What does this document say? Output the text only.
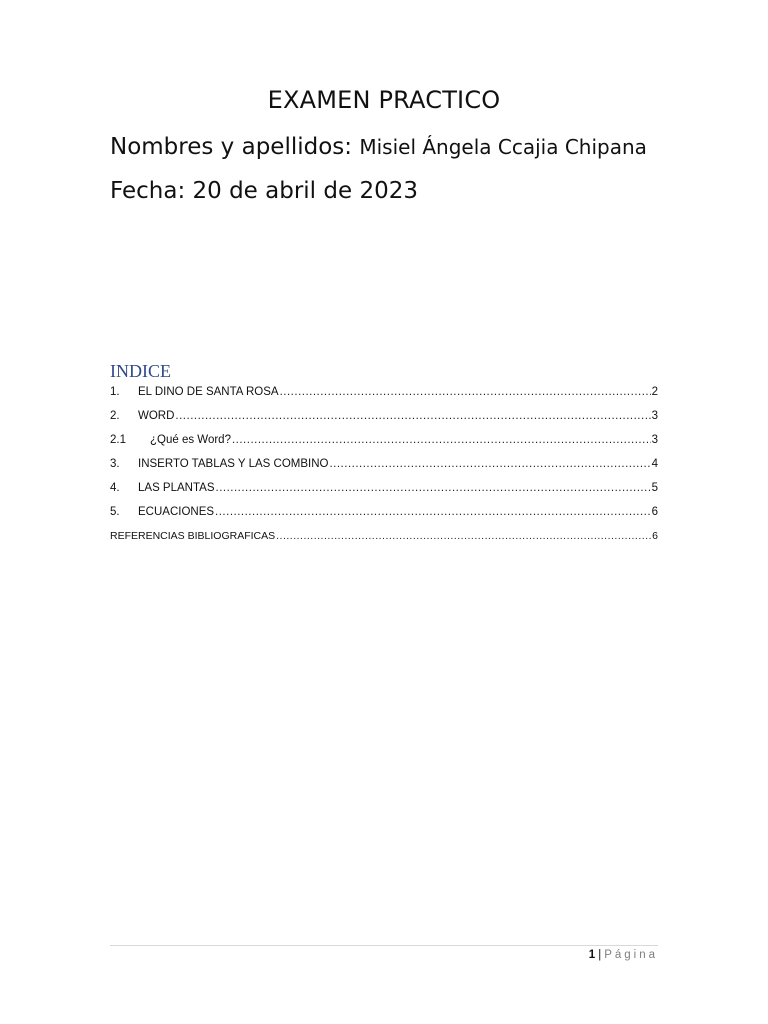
EXAMEN PRACTICO
Nombres y apellidos: Misiel Ángela Ccajia Chipana
Fecha: 20 de abril de 2023
INDICE
1.	EL DINO DE SANTA ROSA .....	2
2.	WORD .....	3
2.1	¿Qué es Word? .....	3
3.	INSERTO TABLAS Y LAS COMBINO .....	4
4.	LAS PLANTAS .....	5
5.	ECUACIONES .....	6
REFERENCIAS BIBLIOGRAFICAS .....	6
1 | Página
